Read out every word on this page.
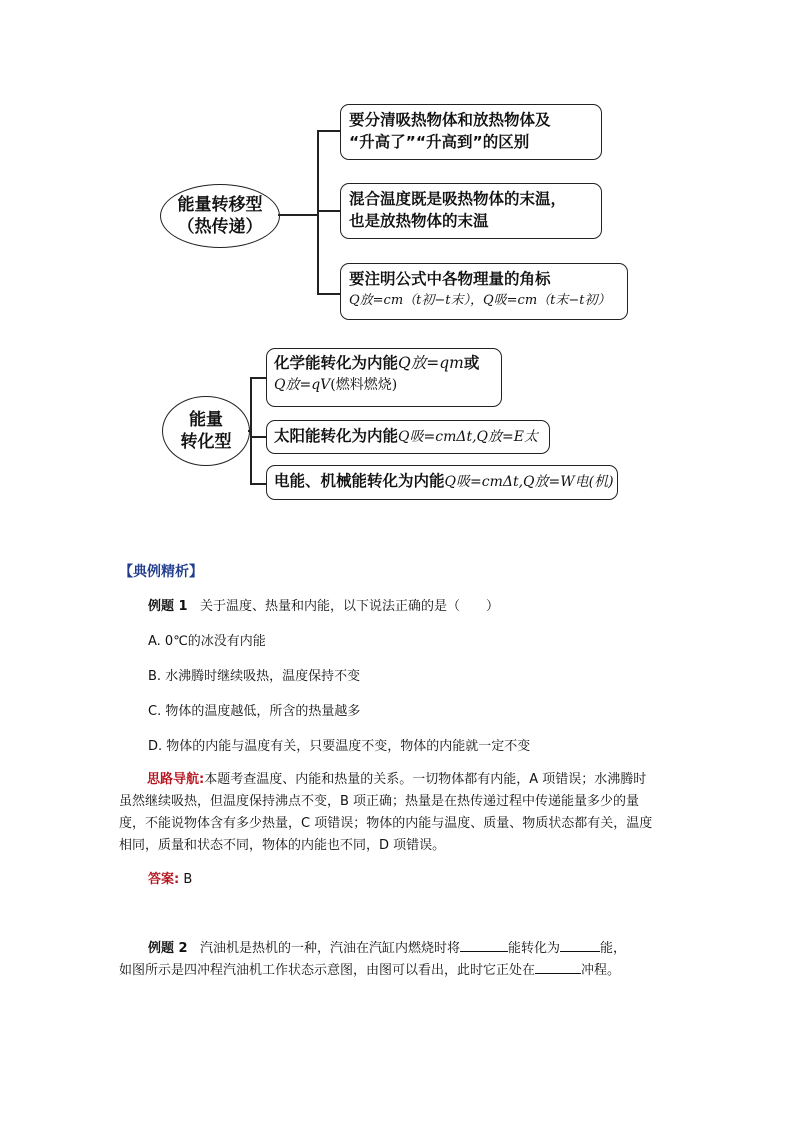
能量转移型
（热传递）
要分清吸热物体和放热物体及
“升高了”“升高到”的区别
混合温度既是吸热物体的末温，
也是放热物体的末温
要注明公式中各物理量的角标
Q放=cm（t初−t末），Q吸=cm（t末−t初）
能量
转化型
化学能转化为内能Q放=qm或
Q放=qV(燃料燃烧)
太阳能转化为内能Q吸=cmΔt,Q放=E太
电能、机械能转化为内能Q吸=cmΔt,Q放=W电(机)
【典例精析】
例题 1 关于温度、热量和内能，以下说法正确的是（　　）
A. 0℃的冰没有内能
B. 水沸腾时继续吸热，温度保持不变
C. 物体的温度越低，所含的热量越多
D. 物体的内能与温度有关，只要温度不变，物体的内能就一定不变
思路导航:本题考查温度、内能和热量的关系。一切物体都有内能，A 项错误；水沸腾时虽然继续吸热，但温度保持沸点不变，B 项正确；热量是在热传递过程中传递能量多少的量度，不能说物体含有多少热量，C 项错误；物体的内能与温度、质量、物质状态都有关，温度相同，质量和状态不同，物体的内能也不同，D 项错误。
答案: B
例题 2 汽油机是热机的一种，汽油在汽缸内燃烧时将	能转化为	能，
如图所示是四冲程汽油机工作状态示意图，由图可以看出，此时它正处在	冲程。
